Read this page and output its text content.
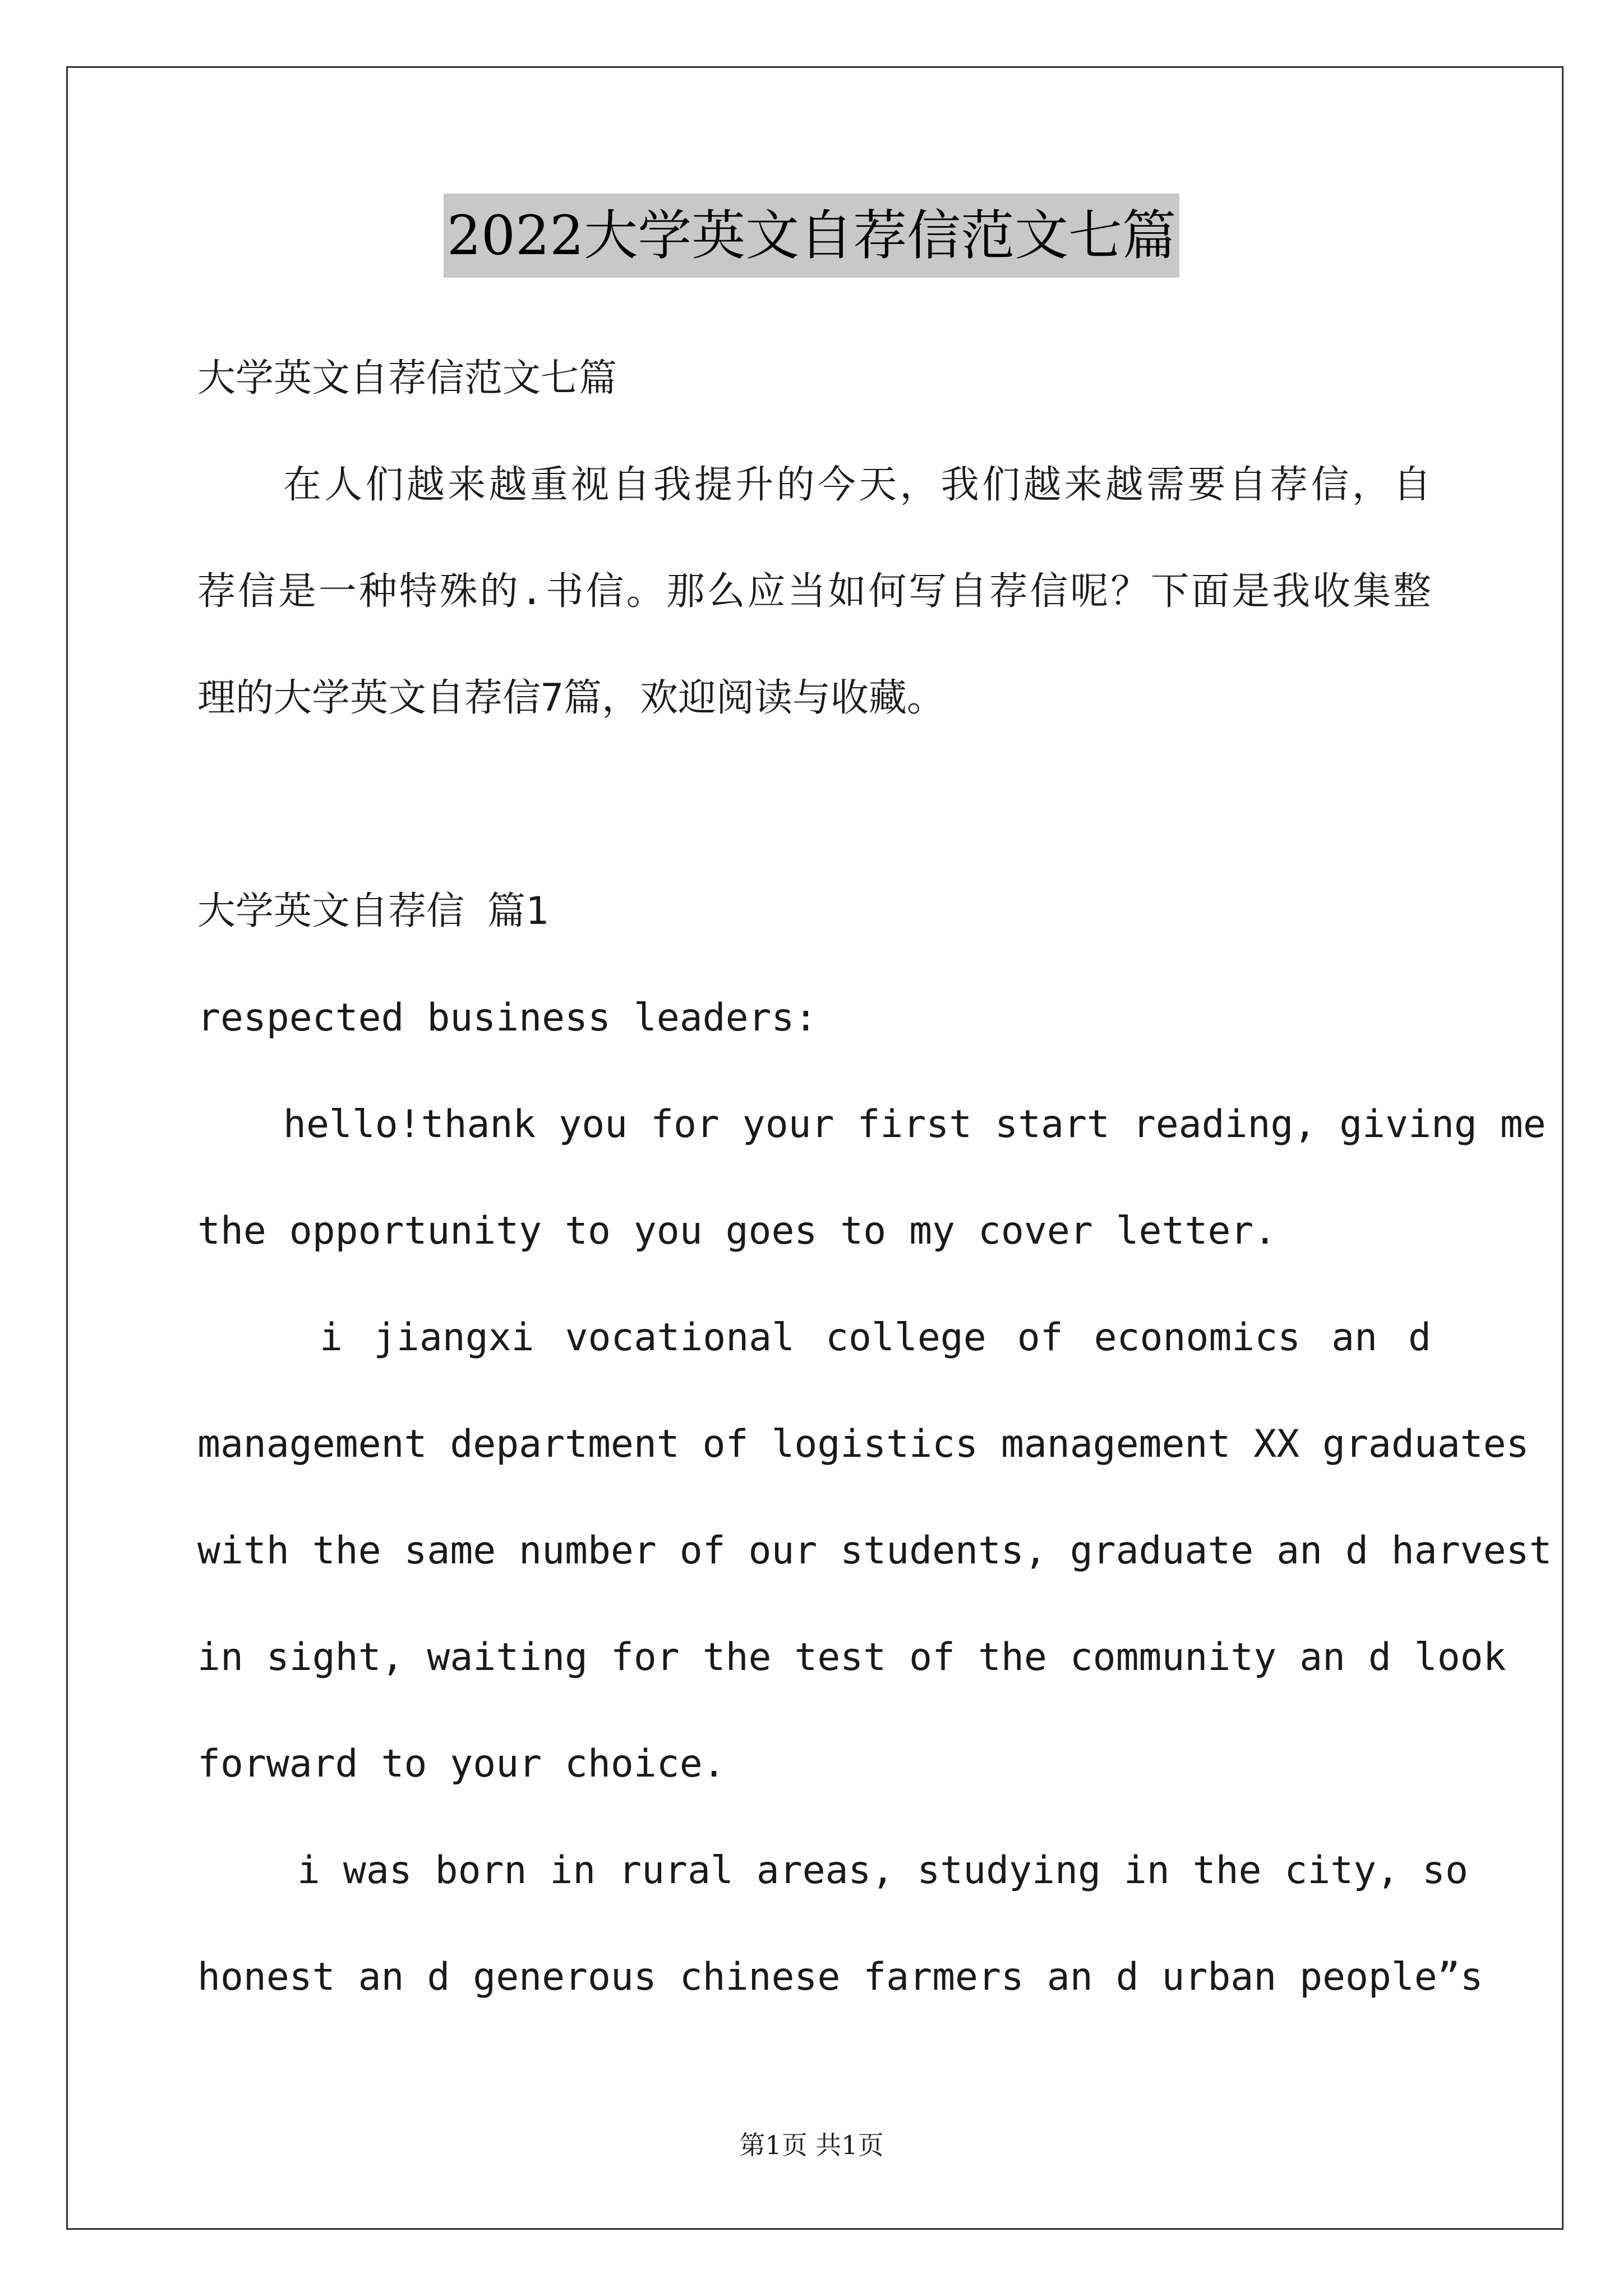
2022大学英文自荐信范文七篇
大学英文自荐信范文七篇
在人们越来越重视自我提升的今天，我们越来越需要自荐信，自
荐信是一种特殊的.书信。那么应当如何写自荐信呢？下面是我收集整
理的大学英文自荐信7篇，欢迎阅读与收藏。
大学英文自荐信 篇1
respected business leaders:
hello!thank you for your first start reading, giving me
the opportunity to you goes to my cover letter.
i jiangxi vocational college of economics an d
management department of logistics management XX graduates
with the same number of our students, graduate an d harvest
in sight, waiting for the test of the community an d look
forward to your choice.
i was born in rural areas, studying in the city, so
honest an d generous chinese farmers an d urban people”s
第1页 共1页
